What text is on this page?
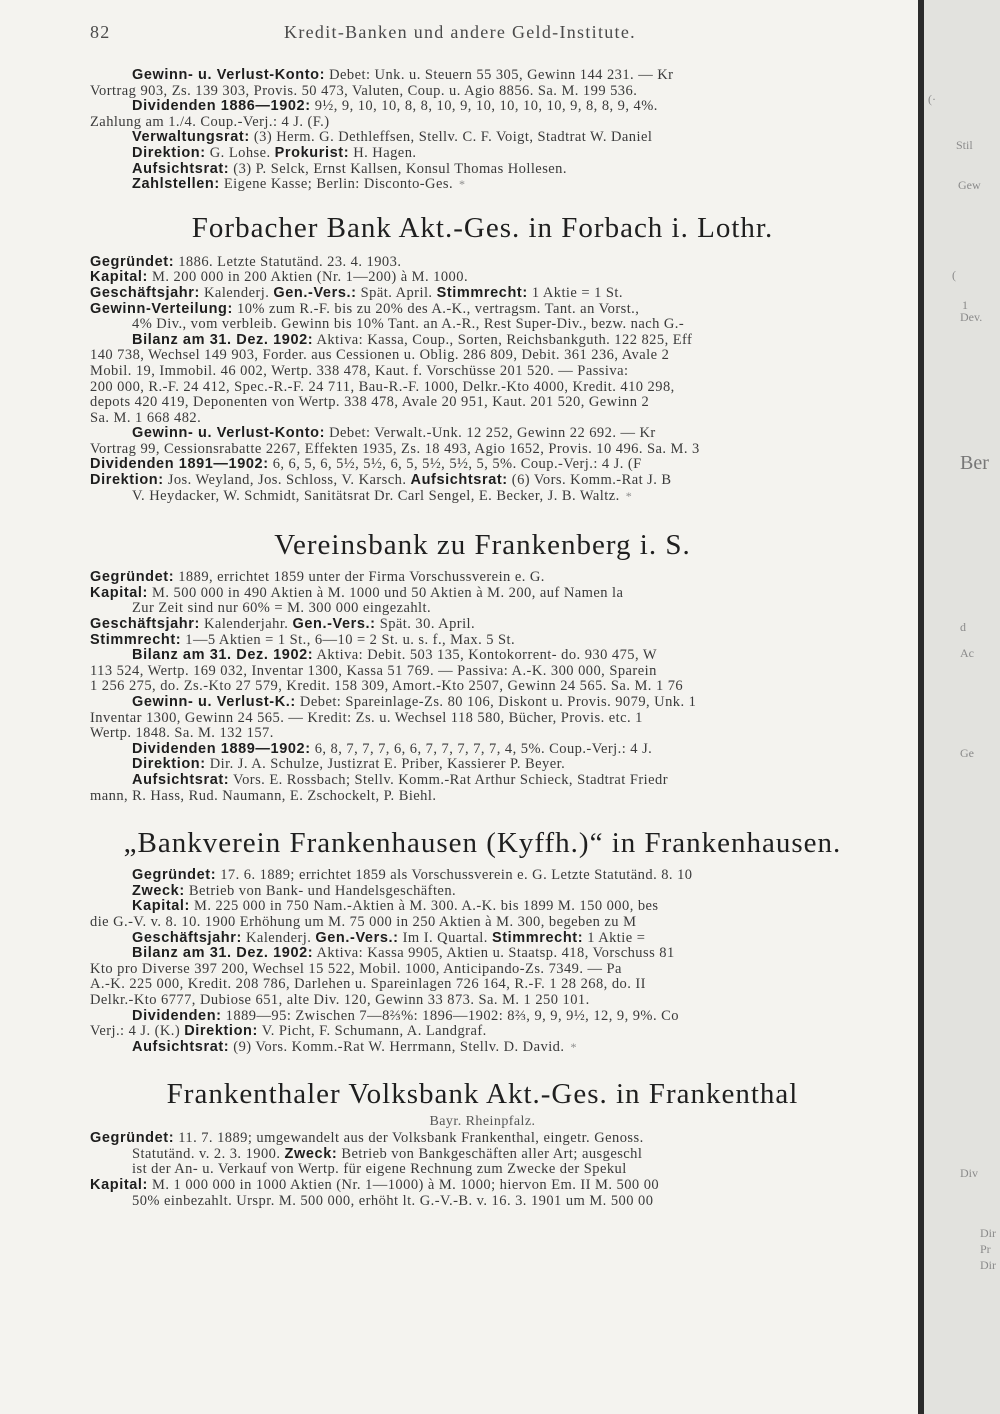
82	Kredit-Banken und andere Geld-Institute.
Gewinn- u. Verlust-Konto: Debet: Unk. u. Steuern 55 305, Gewinn 144 231. — Kr
Vortrag 903, Zs. 139 303, Provis. 50 473, Valuten, Coup. u. Agio 8856. Sa. M. 199 536.
Dividenden 1886—1902: 9½, 9, 10, 10, 8, 8, 10, 9, 10, 10, 10, 10, 9, 8, 8, 9, 4%.
Zahlung am 1./4. Coup.-Verj.: 4 J. (F.)
Verwaltungsrat: (3) Herm. G. Dethleffsen, Stellv. C. F. Voigt, Stadtrat W. Daniel
Direktion: G. Lohse. Prokurist: H. Hagen.
Aufsichtsrat: (3) P. Selck, Ernst Kallsen, Konsul Thomas Hollesen.
Zahlstellen: Eigene Kasse; Berlin: Disconto-Ges. *
Forbacher Bank Akt.-Ges. in Forbach i. Lothr.
Gegründet: 1886. Letzte Statutänd. 23. 4. 1903.
Kapital: M. 200 000 in 200 Aktien (Nr. 1—200) à M. 1000.
Geschäftsjahr: Kalenderj. Gen.-Vers.: Spät. April. Stimmrecht: 1 Aktie = 1 St.
Gewinn-Verteilung: 10% zum R.-F. bis zu 20% des A.-K., vertragsm. Tant. an Vorst.,
4% Div., vom verbleib. Gewinn bis 10% Tant. an A.-R., Rest Super-Div., bezw. nach G.-
Bilanz am 31. Dez. 1902: Aktiva: Kassa, Coup., Sorten, Reichsbankguth. 122 825, Eff
140 738, Wechsel 149 903, Forder. aus Cessionen u. Oblig. 286 809, Debit. 361 236, Avale 2
Mobil. 19, Immobil. 46 002, Wertp. 338 478, Kaut. f. Vorschüsse 201 520. — Passiva:
200 000, R.-F. 24 412, Spec.-R.-F. 24 711, Bau-R.-F. 1000, Delkr.-Kto 4000, Kredit. 410 298,
depots 420 419, Deponenten von Wertp. 338 478, Avale 20 951, Kaut. 201 520, Gewinn 2
Sa. M. 1 668 482.
Gewinn- u. Verlust-Konto: Debet: Verwalt.-Unk. 12 252, Gewinn 22 692. — Kr
Vortrag 99, Cessionsrabatte 2267, Effekten 1935, Zs. 18 493, Agio 1652, Provis. 10 496. Sa. M. 3
Dividenden 1891—1902: 6, 6, 5, 6, 5½, 5½, 6, 5, 5½, 5½, 5, 5%. Coup.-Verj.: 4 J. (F
Direktion: Jos. Weyland, Jos. Schloss, V. Karsch. Aufsichtsrat: (6) Vors. Komm.-Rat J. B
V. Heydacker, W. Schmidt, Sanitätsrat Dr. Carl Sengel, E. Becker, J. B. Waltz. *
Vereinsbank zu Frankenberg i. S.
Gegründet: 1889, errichtet 1859 unter der Firma Vorschussverein e. G.
Kapital: M. 500 000 in 490 Aktien à M. 1000 und 50 Aktien à M. 200, auf Namen la
Zur Zeit sind nur 60% = M. 300 000 eingezahlt.
Geschäftsjahr: Kalenderjahr. Gen.-Vers.: Spät. 30. April.
Stimmrecht: 1—5 Aktien = 1 St., 6—10 = 2 St. u. s. f., Max. 5 St.
Bilanz am 31. Dez. 1902: Aktiva: Debit. 503 135, Kontokorrent- do. 930 475, W
113 524, Wertp. 169 032, Inventar 1300, Kassa 51 769. — Passiva: A.-K. 300 000, Sparein
1 256 275, do. Zs.-Kto 27 579, Kredit. 158 309, Amort.-Kto 2507, Gewinn 24 565. Sa. M. 1 76
Gewinn- u. Verlust-K.: Debet: Spareinlage-Zs. 80 106, Diskont u. Provis. 9079, Unk. 1
Inventar 1300, Gewinn 24 565. — Kredit: Zs. u. Wechsel 118 580, Bücher, Provis. etc. 1
Wertp. 1848. Sa. M. 132 157.
Dividenden 1889—1902: 6, 8, 7, 7, 7, 6, 6, 7, 7, 7, 7, 7, 4, 5%. Coup.-Verj.: 4 J.
Direktion: Dir. J. A. Schulze, Justizrat E. Priber, Kassierer P. Beyer.
Aufsichtsrat: Vors. E. Rossbach; Stellv. Komm.-Rat Arthur Schieck, Stadtrat Friedr
mann, R. Hass, Rud. Naumann, E. Zschockelt, P. Biehl.
„Bankverein Frankenhausen (Kyffh.)“ in Frankenhausen.
Gegründet: 17. 6. 1889; errichtet 1859 als Vorschussverein e. G. Letzte Statutänd. 8. 10
Zweck: Betrieb von Bank- und Handelsgeschäften.
Kapital: M. 225 000 in 750 Nam.-Aktien à M. 300. A.-K. bis 1899 M. 150 000, bes
die G.-V. v. 8. 10. 1900 Erhöhung um M. 75 000 in 250 Aktien à M. 300, begeben zu M
Geschäftsjahr: Kalenderj. Gen.-Vers.: Im I. Quartal. Stimmrecht: 1 Aktie =
Bilanz am 31. Dez. 1902: Aktiva: Kassa 9905, Aktien u. Staatsp. 418, Vorschuss 81
Kto pro Diverse 397 200, Wechsel 15 522, Mobil. 1000, Anticipando-Zs. 7349. — Pa
A.-K. 225 000, Kredit. 208 786, Darlehen u. Spareinlagen 726 164, R.-F. 1 28 268, do. II
Delkr.-Kto 6777, Dubiose 651, alte Div. 120, Gewinn 33 873. Sa. M. 1 250 101.
Dividenden: 1889—95: Zwischen 7—8⅔%: 1896—1902: 8⅔, 9, 9, 9½, 12, 9, 9%. Co
Verj.: 4 J. (K.) Direktion: V. Picht, F. Schumann, A. Landgraf.
Aufsichtsrat: (9) Vors. Komm.-Rat W. Herrmann, Stellv. D. David. *
Frankenthaler Volksbank Akt.-Ges. in Frankenthal
Bayr. Rheinpfalz.
Gegründet: 11. 7. 1889; umgewandelt aus der Volksbank Frankenthal, eingetr. Genoss.
Statutänd. v. 2. 3. 1900. Zweck: Betrieb von Bankgeschäften aller Art; ausgeschl
ist der An- u. Verkauf von Wertp. für eigene Rechnung zum Zwecke der Spekul
Kapital: M. 1 000 000 in 1000 Aktien (Nr. 1—1000) à M. 1000; hiervon Em. II M. 500 00
50% einbezahlt. Urspr. M. 500 000, erhöht lt. G.-V.-B. v. 16. 3. 1901 um M. 500 00
(·
Stil
Gew
(
1
Dev.
Ber
d
Ac
Ge
Div
Dir
Pr
Dir
